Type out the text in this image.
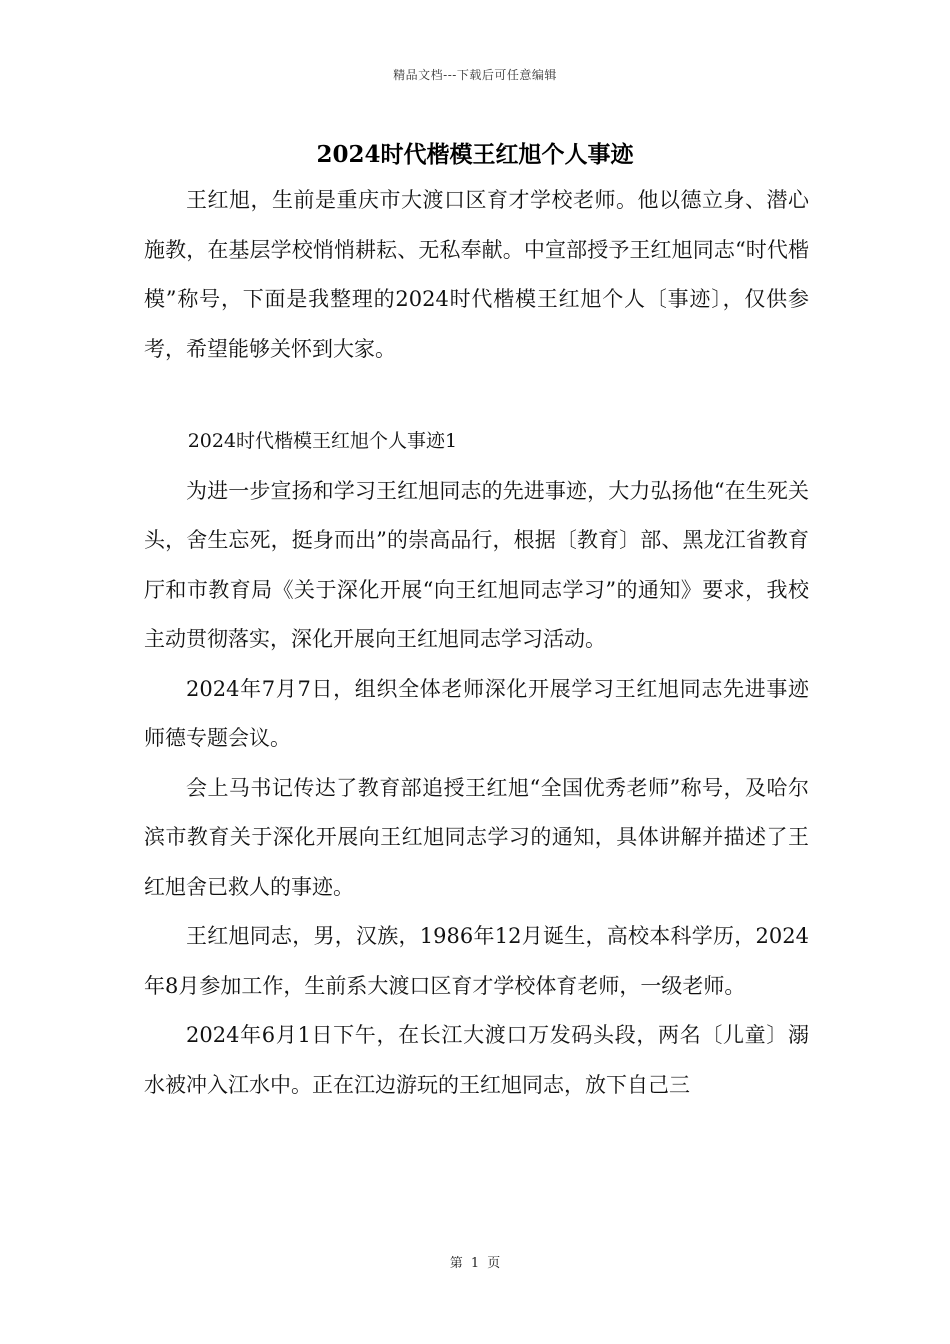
精品文档---下载后可任意编辑
2024时代楷模王红旭个人事迹

王红旭，生前是重庆市大渡口区育才学校老师。他以德立身、潜心施教，在基层学校悄悄耕耘、无私奉献。中宣部授予王红旭同志“时代楷模”称号，下面是我整理的2024时代楷模王红旭个人〔事迹〕，仅供参考，希望能够关怀到大家。

2024时代楷模王红旭个人事迹1

为进一步宣扬和学习王红旭同志的先进事迹，大力弘扬他“在生死关头，舍生忘死，挺身而出”的崇高品行，根据〔教育〕部、黑龙江省教育厅和市教育局《关于深化开展“向王红旭同志学习”的通知》要求，我校主动贯彻落实，深化开展向王红旭同志学习活动。

2024年7月7日，组织全体老师深化开展学习王红旭同志先进事迹师德专题会议。

会上马书记传达了教育部追授王红旭“全国优秀老师”称号，及哈尔滨市教育关于深化开展向王红旭同志学习的通知，具体讲解并描述了王红旭舍已救人的事迹。

王红旭同志，男，汉族，1986年12月诞生，高校本科学历，2024年8月参加工作，生前系大渡口区育才学校体育老师，一级老师。

2024年6月1日下午，在长江大渡口万发码头段，两名〔儿童〕溺水被冲入江水中。正在江边游玩的王红旭同志，放下自己三

第 1 页
